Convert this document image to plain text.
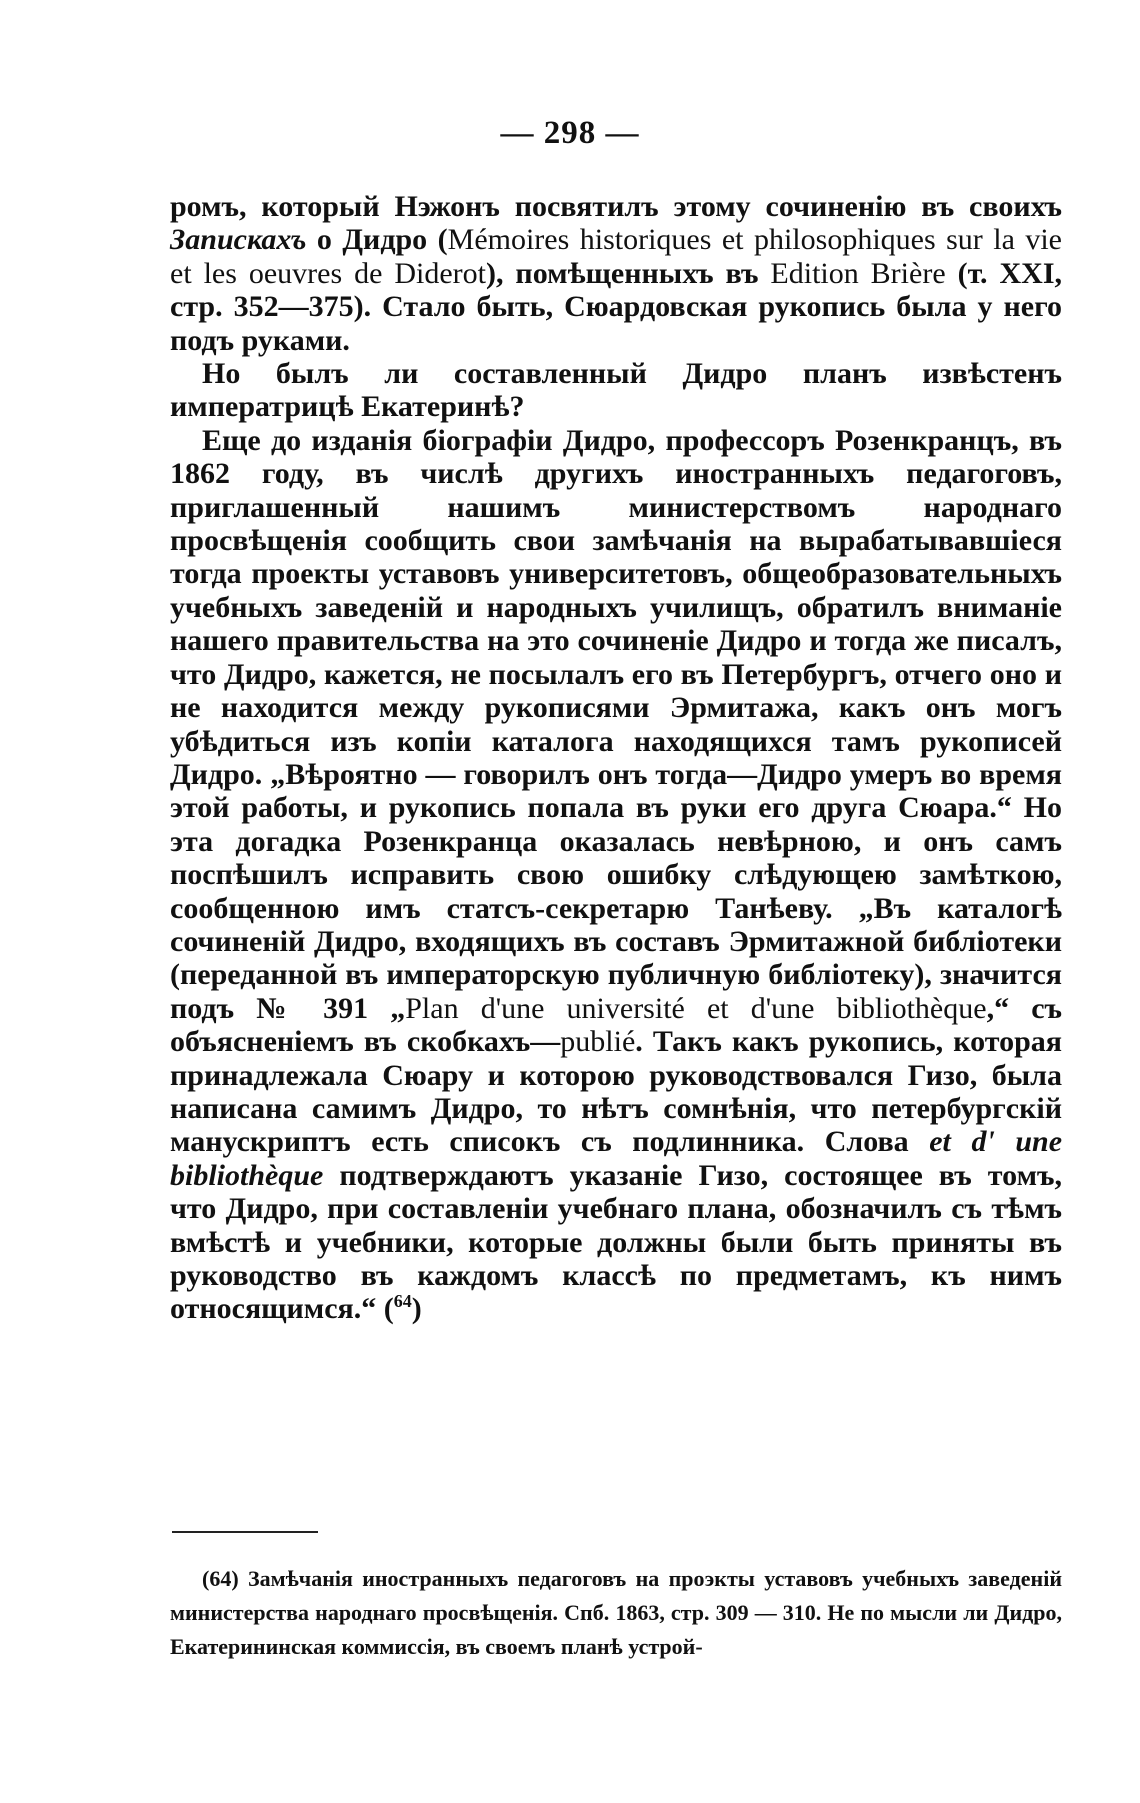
— 298 —

ромъ, который Нэжонъ посвятилъ этому сочиненію въ своихъ Запискахъ о Дидро (Mémoires historiques et philosophiques sur la vie et les oeuvres de Diderot), помѣщенныхъ въ Edition Brière (т. XXI, стр. 352—375). Стало быть, Сюардовская рукопись была у него подъ руками.

Но былъ ли составленный Дидро планъ извѣстенъ императрицѣ Екатеринѣ?

Еще до изданія біографіи Дидро, профессоръ Розенкранцъ, въ 1862 году, въ числѣ другихъ иностранныхъ педагоговъ, приглашенный нашимъ министерствомъ народнаго просвѣщенія сообщить свои замѣчанія на вырабатывавшіеся тогда проекты уставовъ университетовъ, общеобразовательныхъ учебныхъ заведеній и народныхъ училищъ, обратилъ вниманіе нашего правительства на это сочиненіе Дидро и тогда же писалъ, что Дидро, кажется, не посылалъ его въ Петербургъ, отчего оно и не находится между рукописями Эрмитажа, какъ онъ могъ убѣдиться изъ копіи каталога находящихся тамъ рукописей Дидро. „Вѣроятно — говорилъ онъ тогда—Дидро умеръ во время этой работы, и рукопись попала въ руки его друга Сюара.“ Но эта догадка Розенкранца оказалась невѣрною, и онъ самъ поспѣшилъ исправить свою ошибку слѣдующею замѣткою, сообщенною имъ статсъ-секретарю Танѣеву. „Въ каталогѣ сочиненій Дидро, входящихъ въ составъ Эрмитажной библіотеки (переданной въ императорскую публичную библіотеку), значится подъ № 391 „Plan d'une université et d'une bibliothèque,“ съ объясненіемъ въ скобкахъ—publié. Такъ какъ рукопись, которая принадлежала Сюару и которою руководствовался Гизо, была написана самимъ Дидро, то нѣтъ сомнѣнія, что петербургскій манускриптъ есть списокъ съ подлинника. Слова et d' une bibliothèque подтверждаютъ указаніе Гизо, состоящее въ томъ, что Дидро, при составленіи учебнаго плана, обозначилъ съ тѣмъ вмѣстѣ и учебники, которые должны были быть приняты въ руководство въ каждомъ классѣ по предметамъ, къ нимъ относящимся.“ ($^{64}$)

(64) Замѣчанія иностранныхъ педагоговъ на проэкты уставовъ учебныхъ заведеній министерства народнаго просвѣщенія. Спб. 1863, стр. 309 — 310. Не по мысли ли Дидро, Екатерининская коммиссія, въ своемъ планѣ устрой-
